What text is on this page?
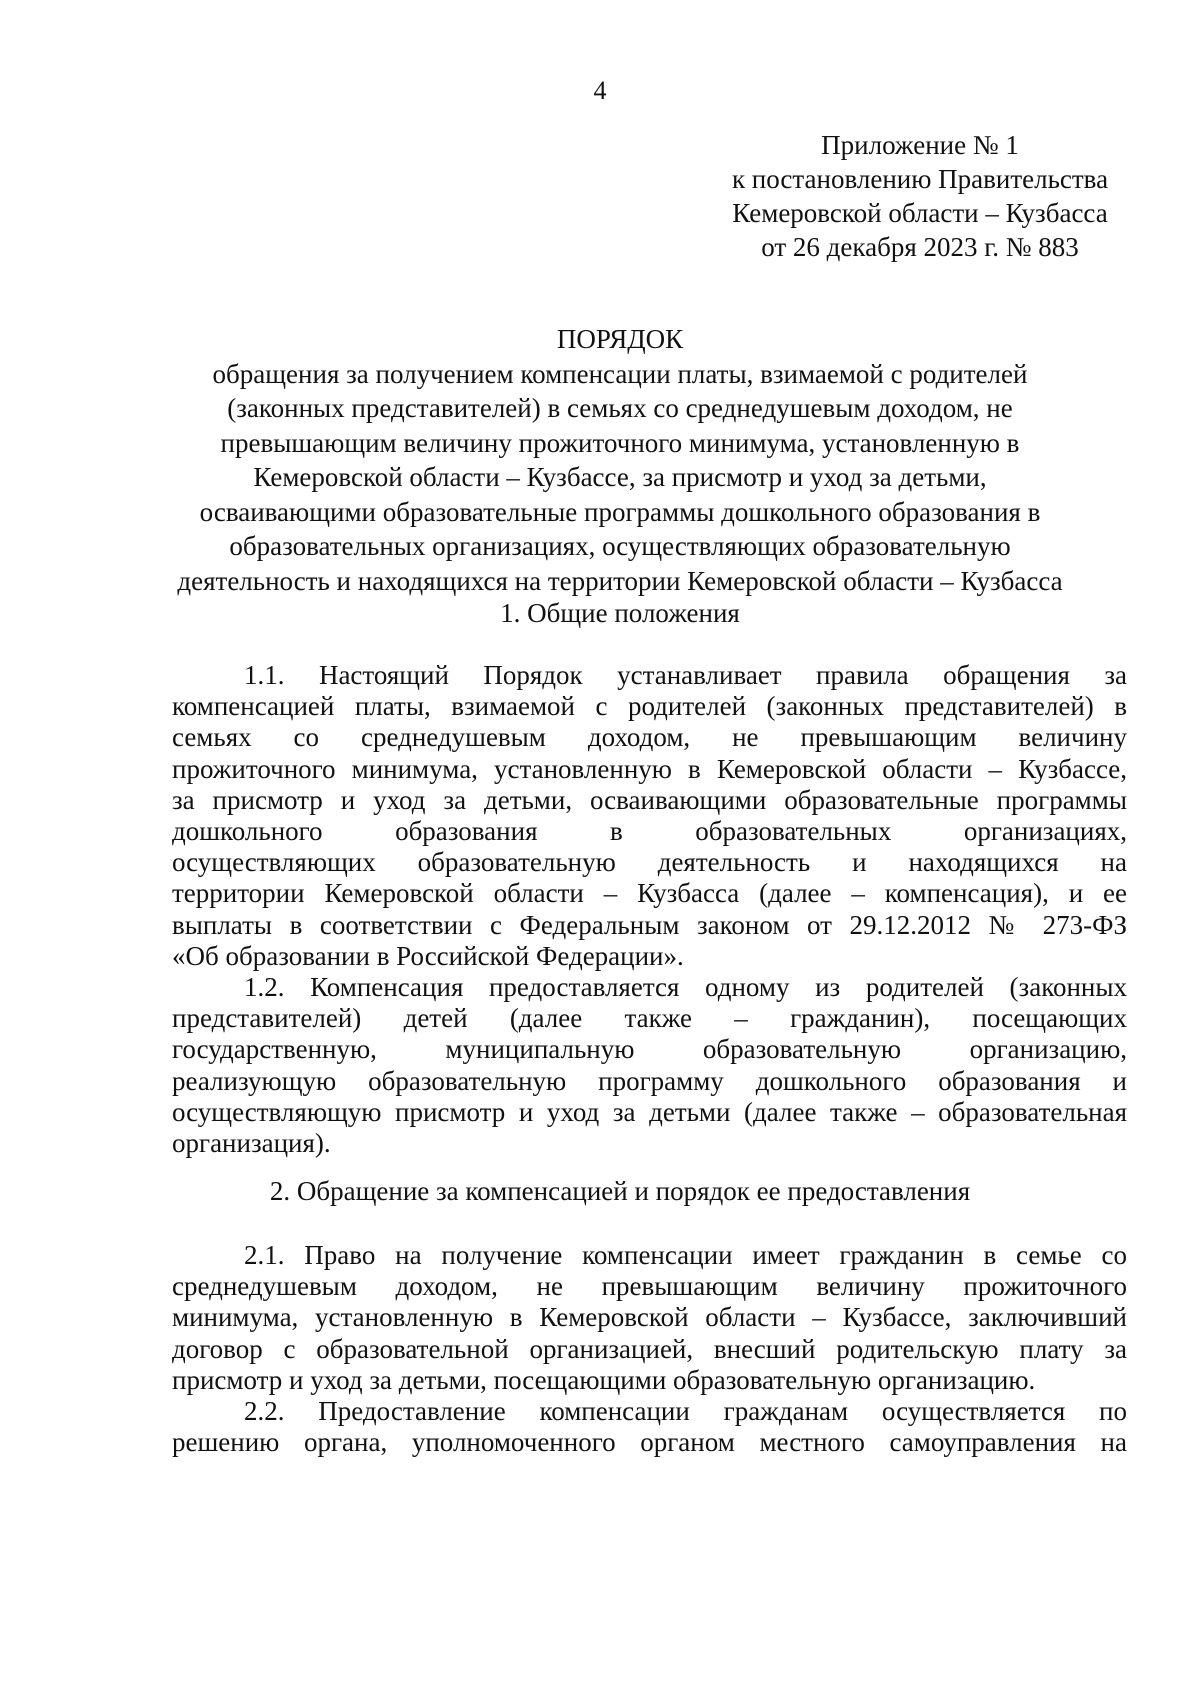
4
Приложение № 1
к постановлению Правительства
Кемеровской области – Кузбасса
от 26 декабря 2023 г. № 883
ПОРЯДОК
обращения за получением компенсации платы, взимаемой с родителей
(законных представителей) в семьях со среднедушевым доходом, не
превышающим величину прожиточного минимума, установленную в
Кемеровской области – Кузбассе, за присмотр и уход за детьми,
осваивающими образовательные программы дошкольного образования в
образовательных организациях, осуществляющих образовательную
деятельность и находящихся на территории Кемеровской области – Кузбасса
1. Общие положения
1.1. Настоящий Порядок устанавливает правила обращения за
компенсацией платы, взимаемой с родителей (законных представителей) в
семьях со среднедушевым доходом, не превышающим величину
прожиточного минимума, установленную в Кемеровской области – Кузбассе,
за присмотр и уход за детьми, осваивающими образовательные программы
дошкольного образования в образовательных организациях,
осуществляющих образовательную деятельность и находящихся на
территории Кемеровской области – Кузбасса (далее – компенсация), и ее
выплаты в соответствии с Федеральным законом от 29.12.2012 № 273-ФЗ
«Об образовании в Российской Федерации».
1.2. Компенсация предоставляется одному из родителей (законных
представителей) детей (далее также – гражданин), посещающих
государственную, муниципальную образовательную организацию,
реализующую образовательную программу дошкольного образования и
осуществляющую присмотр и уход за детьми (далее также – образовательная
организация).
2. Обращение за компенсацией и порядок ее предоставления
2.1. Право на получение компенсации имеет гражданин в семье со
среднедушевым доходом, не превышающим величину прожиточного
минимума, установленную в Кемеровской области – Кузбассе, заключивший
договор с образовательной организацией, внесший родительскую плату за
присмотр и уход за детьми, посещающими образовательную организацию.
2.2. Предоставление компенсации гражданам осуществляется по
решению органа, уполномоченного органом местного самоуправления на
